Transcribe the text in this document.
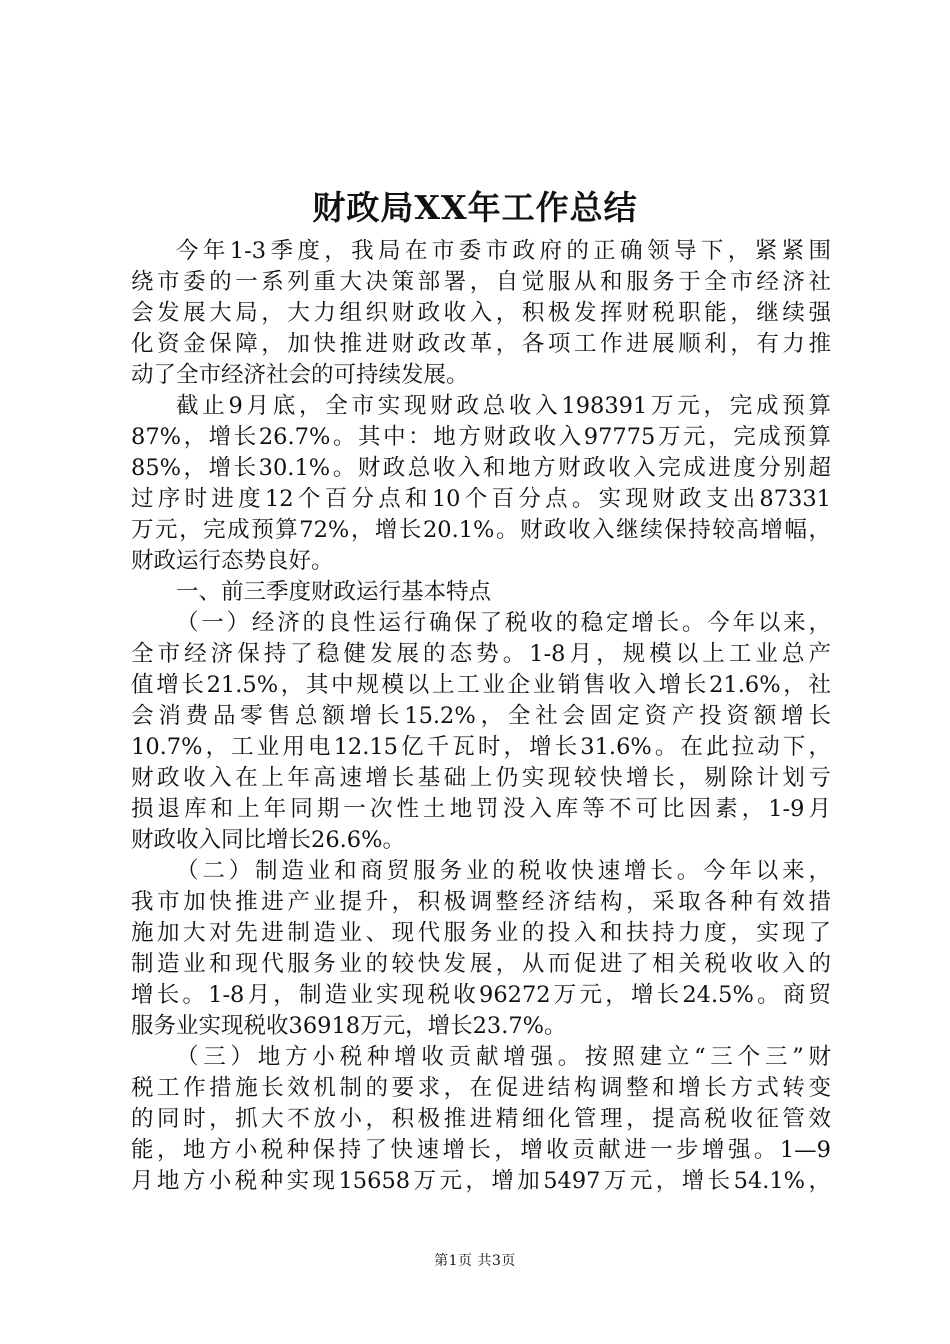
财政局XX年工作总结
今年1-3季度，我局在市委市政府的正确领导下，紧紧围
绕市委的一系列重大决策部署，自觉服从和服务于全市经济社
会发展大局，大力组织财政收入，积极发挥财税职能，继续强
化资金保障，加快推进财政改革，各项工作进展顺利，有力推
动了全市经济社会的可持续发展。
截止9月底，全市实现财政总收入198391万元，完成预算
87%，增长26.7%。其中：地方财政收入97775万元，完成预算
85%，增长30.1%。财政总收入和地方财政收入完成进度分别超
过序时进度12个百分点和10个百分点。实现财政支出87331
万元，完成预算72%，增长20.1%。财政收入继续保持较高增幅，
财政运行态势良好。
一、前三季度财政运行基本特点
（一）经济的良性运行确保了税收的稳定增长。今年以来，
全市经济保持了稳健发展的态势。1-8月，规模以上工业总产
值增长21.5%，其中规模以上工业企业销售收入增长21.6%，社
会消费品零售总额增长15.2%，全社会固定资产投资额增长
10.7%，工业用电12.15亿千瓦时，增长31.6%。在此拉动下，
财政收入在上年高速增长基础上仍实现较快增长，剔除计划亏
损退库和上年同期一次性土地罚没入库等不可比因素，1-9月
财政收入同比增长26.6%。
（二）制造业和商贸服务业的税收快速增长。今年以来，
我市加快推进产业提升，积极调整经济结构，采取各种有效措
施加大对先进制造业、现代服务业的投入和扶持力度，实现了
制造业和现代服务业的较快发展，从而促进了相关税收收入的
增长。1-8月，制造业实现税收96272万元，增长24.5%。商贸
服务业实现税收36918万元，增长23.7%。
（三）地方小税种增收贡献增强。按照建立“三个三”财
税工作措施长效机制的要求，在促进结构调整和增长方式转变
的同时，抓大不放小，积极推进精细化管理，提高税收征管效
能，地方小税种保持了快速增长，增收贡献进一步增强。1—9
月地方小税种实现15658万元，增加5497万元，增长54.1%，
第1页 共3页
